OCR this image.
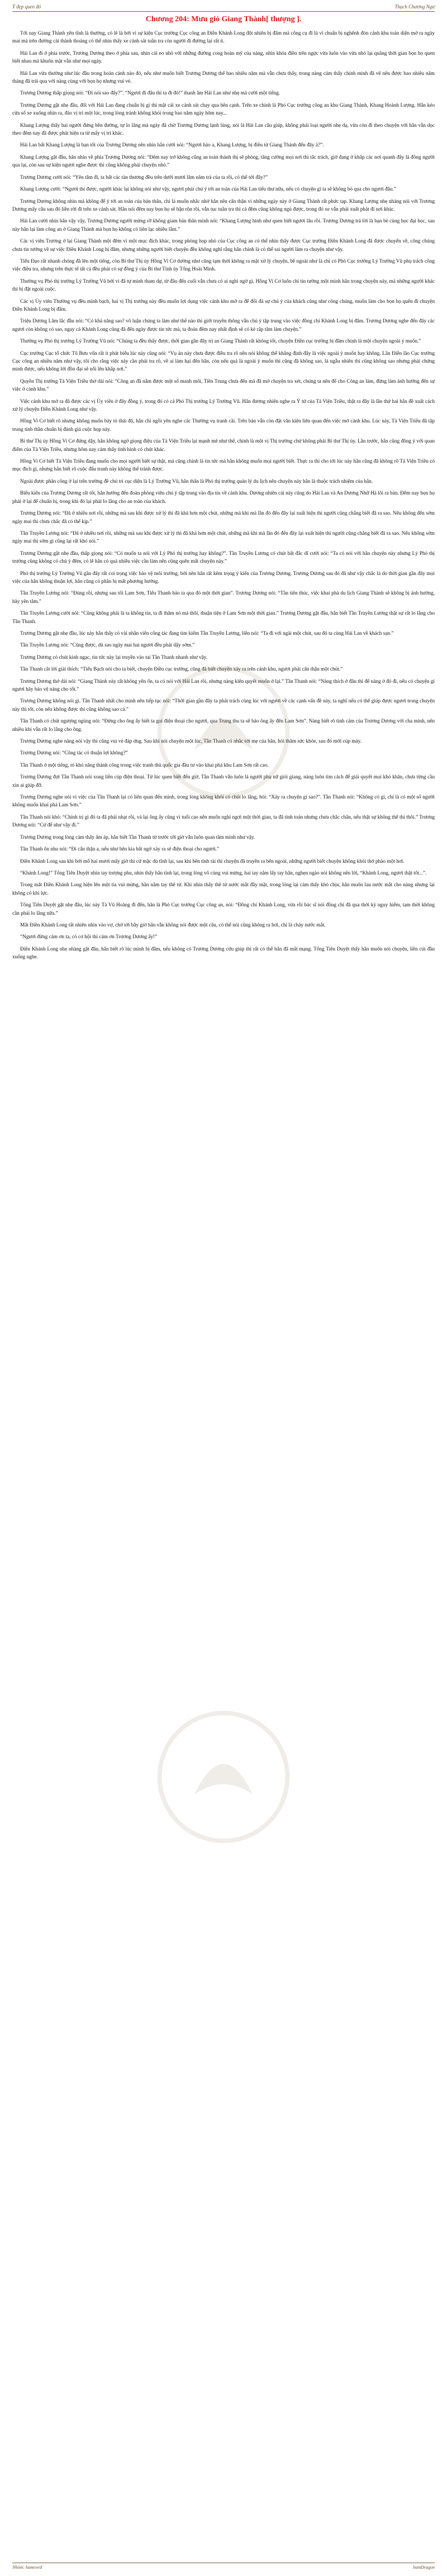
Ý đẹp quen đó	Thạch Chương Ngư
Chương 204: Mưu gió Giang Thành[ thượng ].

Tới nay Giang Thành yên tĩnh là thường, có lẽ là bởi vì sự kiện Cục trưởng Cục công an Điền Khánh Long đột nhiên bị đâm mà công cụ đi là vì chuẩn bị nghênh đón cảnh khu toàn diện mở ra ngày mai mà trên đường cái thành thoảng có thể nhìn thấy xe cảnh sát tuần tra còn người đi đường lại rất ít.

Hải Lan đi ở phía trước, Trương Dương theo ở phía sau, nhìn cái eo nhỏ với những đường cong hoàn mỹ của nàng, nhìn khóa điền trên ngực vừa luôn vào vừa nhỏ lại quãng thời gian bọn họ quen biết nhau mà khuôn mặt vẫn như mọi ngày.

Hải Lan vừa thường như lúc đầu trong hoàn cảnh nào đó, nếu như muốn biết Trương Dương thế bao nhiêu năm mà vẫn chưa thấy, trong nàng cảm thấy chính mình đã vẽ nên được bao nhiêu năm tháng đã trải qua với nàng cùng với bọn họ nhưng vui vẻ.

Trương Dương thấp giọng nói: “Đi nói sao đây?”. “Ngươi đi đâu thì ta đi đó!” thanh âm Hải Lan như nhẹ mà cười một tiếng.

Trương Dương gật nhẹ đầu, đối với Hải Lan đang chuẩn bị gì thì mặt cái xe cảnh sát chạy qua bên cạnh. Trên xe chính là Phó Cục trưởng công an khu Giang Thành, Khang Hoành Lượng. Hắn kéo cửa sổ xe xuống nhìn ra, đảo vị trí một lúc, trong lòng tránh không khỏi trong bao năm ngày hôm nay...

Khang Lượng thấy hai người đứng bên đường, tự lo lắng mà ngày đã chờ Trương Dương lạnh lùng, nói là Hải Lan cầu giúp, không phải loại người nhẹ dạ, vừa còn đi theo chuyện với hắn vẫn dọc theo đêm nay đã được phát hiện ra từ mấy vị trí khác.

Hải Lan bất Khang Lượng là bạn tốt của Trương Dương nên nhìn hắn cười nói: “Ngươi hảo a, Khang Lượng, bị điều từ Giang Thành đến đây à?”.

Khang Lượng gật đầu, hắn nhìn về phía Trương Dương nói: “Đêm nay trở không cũng an toàn thành thị sẽ phòng, tăng cường mọi nơi thì tắc trách, giờ đang ở khắp các nơi quanh đây là đông người qua lại, còn sau sự kiện ngươi nghe được thì cũng không phải chuyện nhỏ.”

Trương Dương cười nói: “Yên tâm đi, ta bất các tàn thương đều trên dưới mươi lăm năm trà của ta rồi, có thể tới đây?”

Khang Lượng cười: “Ngươi thì được, người khác lại không nói như vậy, ngươi phải chú ý tới an toàn của Hải Lan tiểu thư nữa, nếu có chuyện gì ta sẽ không bỏ qua cho ngươi đâu.”

Trương Dương không nhìn mà không để ý tới an toàn của bản thân, chỉ là muốn nhắc nhở hắn nên cẩn thận vì những ngày này ở Giang Thành rất phức tạp. Khang Lượng nhẹ nhàng nói với Trương Dương mấy câu sau đó liền rời đi trên xe cảnh sát. Hắn nói đêm nay bọn họ sẽ bận rộn rồi, vẫn tục tuần tra thì cả đêm cũng không ngủ được, trong đó xe vẫn phải xuất phát đi nơi khác.

Hải Lan cười nhìn hắn vậy vậy, Trương Dương người mừng rỡ không giam bản thân mình nói: “Khang Lượng hình như quen biết ngươi lâu rồi. Trương Dương trả lời là bạn bè cùng học đại học, sau này hắn lại làm công an ở Giang Thành mà bọn họ không có liên lạc nhiều lắm.”

Các vị viên Trương ở lại Giang Thành một đêm vì một mục đích khác, trong phòng họp nhỏ của Cục công an có thể nhìn thấy được Cục trưởng Điền Khánh Long đã được chuyển về, công chúng chưa tin tưởng về sự việc Điền Khánh Long bị đâm, nhưng những người biết chuyện đều không nghĩ rằng hắn chính là có thể sai người làm ra chuyện như vậy.

Tiểu Đạo rất nhanh chóng đã lên một tiếng, còn Bí thư Thị ủy Hồng Vi Cơ dường như cũng tạm thời không ra mặt xử lý chuyện, bề ngoài như là chỉ có Phó Cục trưởng Lý Trường Vũ phụ trách công việc điều tra, nhưng trên thực tế tất cả đều phải có sự đồng ý của Bí thư Tỉnh ủy Tống Hoài Minh.

Thường vụ Phó thị trưởng Lý Trường Vũ bởi vì đã tự mình tham dự, từ đầu đến cuối vẫn chưa có ai nghi ngờ gì, Hồng Vi Cơ luôn chỉ tin tưởng một mình hắn trong chuyện này, mà những người khác thì bị đặt ngoài cuộc.

Các vị Ủy viên Thường vụ đều mình bạch, hai vị Thị trưởng này đều muốn lợi dụng việc cảnh khu mở ra để đối đá sự chú ý của khách cũng như công chúng, muốn làm cho bọn họ quên đi chuyện Điền Khánh Long bị đâm.

Triệu Dương Lâm lắc đầu nói: “Có khả năng sao? vô luận chúng ta làm như thế nào thì giới truyền thông vẫn chú ý tập trung vào việc đồng chí Khánh Long bị đâm. Trương Dương nghe đến đây các ngươi còn không có sao, ngay cả Khánh Long cũng đã đến ngày được tin tức mà, ta đoán đêm nay nhất định sẽ có kẻ rắp tâm làm chuyện.”

Thường vụ Phó thị trưởng Lý Trường Vũ nói: “Chúng ta đều thấy được, thời gian gần đây trị an Giang Thành rất không tốt, chuyện Điền cục trưởng bị đâm chính là một chuyện ngoài ý muốn.”

Cục trưởng Cục tổ chức Tô Bưu vốn rất ít phát biểu lúc này cũng nói: “Vụ án này chưa được điều tra rõ nên nói không thể khẳng định đây là việc ngoài ý muốn hay không. Lần Điền lão Cục trưởng Cục công an nhiều năm như vậy, tôi cho rằng việc này cần phải tra rõ, về ai làm hại đến hắn, còn nếu quả là ngoài ý muốn thì cũng đã không sao, là ngẫu nhiên thì cũng không sao nhưng phải chứng minh được, nếu không lời đồn đại sẽ nổi lên khắp nơi.”

Quyền Thị trưởng Tả Viện Triều thở dài nói: “Công an đã nắm được một số manh mối, Tiền Trung chưa đến mà đã mở chuyện tra xét, chúng ta nên để cho Công an làm, đừng làm ảnh hưởng đến sự việc ở cảnh khu.”

Việc cảnh khu mở ra đã được các vị Ủy viên ở đây đồng ý, trong đó có cả Phó Thị trưởng Lý Trường Vũ. Hắn đương nhiên nghe ra Ý tứ của Tả Viện Triều, thật ra đây là lần thứ hai hắn đề xuất cách xử lý chuyện Điền Khánh Long như vậy.

Hồng Vi Cơ biết rõ nhưng không muốn bày tỏ thái độ, hắn chỉ ngồi yên nghe các Thường vụ tranh cãi. Trên bàn vẫn còn đặt văn kiện liên quan đến việc mở cảnh khu. Lúc này, Tả Viện Triều đã tập trung tinh thần chuẩn bị đánh giá cuộc họp này.

Bí thư Thị ủy Hồng Vi Cơ đứng dậy, hắn không ngờ giọng điệu của Tả Viện Triều lại mạnh mẽ như thế, chính là một vị Thị trưởng chứ không phải Bí thư Thị ủy. Lần trước, hắn cũng đồng ý với quan điểm của Tả Viện Triều, nhưng hôm nay cảm thấy tình hình có chút khác.

Hồng Vi Cơ biết Tả Viện Triều đang muốn cho mọi người biết sự thật, mà cũng chính là tin tức mà hắn không muốn mọi người biết. Thực ra thì cho tới lúc này hắn cũng đã không rõ Tả Viện Triều có mục đích gì, nhưng hắn biết rõ cuộc đấu tranh này không thể tránh được.

Ngoài được phân công ở lại trên trường đề chủ trì cục diện là Lý Trường Vũ, hẳn thân là Phó thị trưởng quản lý du lịch nên chuyện này hẳn là thuộc trách nhiệm của hắn.

Biểu kiến của Trương Dương rất tốt, hắn hướng đến đoàn phóng viên chú ý tập trung vào địa tin về cảnh khu. Dương nhiên cái này cũng do Hải Lan và An Dương Nhữ Hà lôi ra bàn. Đêm nay bọn họ phải ở lại để chuẩn bị, trong khi đó lại phải lo lắng cho an toàn của khách.

Trương Dương nói: “Đã ở nhiều nơi rồi, những mà sau khi được xử lý thì đã khá hơn một chút, những mà khi mà lần đó đến đây lại xuất hiện thì người cũng chẳng biết đã ra sao. Nếu không đến sớm ngày mai thì chưa chắc đã có thể kịp.”

Tần Truyền Lương nói: “Đã ở nhiều nơi rồi, những mà sau khi được xử lý thì đã khá hơn một chút, những mà khi mà lần đó đến đây lại xuất hiện thì người cũng chẳng biết đã ra sao. Nếu không sớm ngày mai thì sớm gì cũng lại rất khó nói.”

Trương Dương gật nhẹ đầu, thấp giọng nói: “Có muốn ta nói với Lý Phó thị trưởng hay không?”. Tần Truyền Lương có chút bất đắc dĩ cười nói: “Ta có nói với hắn chuyện này nhưng Lý Phó thị trưởng cũng không có chủ ý đêm, có lẽ hắn có quá nhiều việc cần làm nên cũng quên mất chuyện này.”

Phó thị trưởng Lý Trường Vũ gần đây rất coi trọng việc bảo vệ môi trường, bởi nên hắn rất kêm trọng ý kiến của Trương Dương. Trương Dương sau đó đã như vậy chắc là do thời gian gần đây mọi việc của hắn không thuận lợi, hắn cũng có phần bị mất phương hướng.

Tần Truyền Lương nói: “Đúng rồi, nhưng sau tối Lam Sơn, Tiểu Thanh bảo ta qua đó một thời gian”. Trương Dương nói: “Tần tiên thúc, việc khai phá du lịch Giang Thành sẽ không bị ảnh hưởng, hãy yên tâm.”

Tần Truyền Lương cười nói: “Cũng không phải là ta không tin, ta đi thăm nó mà thôi, thuận tiện ở Lam Sơn một thời gian.” Trương Dương gật đầu, hắn biết Tần Truyền Lương thật sự rất lo lắng cho Tần Thanh.

Trương Dương gật nhẹ đầu, lúc này hắn thấy có vài nhân viên công tác đang tìm kiếm Tần Truyền Lương, liền nói: “Ta đi với ngài một chút, sau đó ta cùng Hải Lan về khách sạn.”

Tần Truyền Lương nói: “Cũng được, dù sao ngày mai hai ngươi đều phải dậy sớm.”

Trương Dương có chút kinh ngạc, tin tức này lại truyền vào tai Tần Thanh nhanh như vậy.

Tần Thanh cắt lời giải thích: “Tiểu Bạch nói cho ta biết, chuyện Điền cục trưởng, cũng đã biết chuyện xảy ra trên cảnh khu, ngươi phải cẩn thận một chút.”

Trương Dương thở dài nói: “Giang Thành này rất không yên ổn, ta có nói với Hải Lan rồi, nhưng nàng kiên quyết muốn ở lại.” Tần Thanh nói: “Nàng thích ở đâu thì để nàng ở đó đi, nếu có chuyện gì ngươi hãy bảo vệ nàng cho tốt.”

Trương Dương không nói gì. Tần Thanh nhất cho mình nên tiếp tục nói: “Thời gian gần đây ta phải trách cùng lúc với ngươi về các cạnh vấn đề này, ta nghĩ nếu có thể giúp được ngươi trong chuyện này thì tốt, còn nếu không được thì cũng không sao cả.”

Tần Thanh có chút ngượng ngùng nói: “Đừng cho ông ấy biết ta gọi điện thoại cho ngươi, qua Trung thu ta sẽ bảo ông ấy đến Lam Sơn”. Nàng biết rõ tình cảm của Trương Dương với cha mình, nên nhiều khi vẫn rất lo lắng cho ông.

Trương Dương nghe nàng nói vậy thì cũng vui vẻ đáp ứng. Sau khi nói chuyện một lúc, Tần Thanh có nhắc tới mẹ của hắn, hỏi thăm sức khỏe, sau đó mới cúp máy.

Trương Dương nói: “Công tác có thuận lợi không?”

Tần Thanh ở một tiếng, tỏ khó năng thành công trong việc tranh thủ quốc gia đầu tư vào khai phá khu Lam Sơn rất cao.

Trương Dương đợi Tần Thanh nói xong liền cúp điện thoại. Từ lúc quen biết đến giờ, Tần Thanh vẫn luôn là người phụ nữ giỏi giang, nàng luôn tìm cách để giải quyết mọi khó khăn, chưa từng cầu xin ai giúp đỡ.

Trương Dương nghe nói vì việc của Tần Thanh lại có liên quan đến mình, trong lòng không khỏi có chút lo lắng, hỏi: “Xảy ra chuyện gì sao?”. Tần Thanh nói: “Không có gì, chỉ là có một số người không muốn khai phá Lam Sơn.”

Tần Thanh nói khó: “Chính trị gì đó ta đã phải nhạt rồi, vả lại ông ấy cũng vì tuổi cao nên muốn nghỉ ngơi một thời gian, ta đã tính toán nhưng chưa chắc chắn, nếu thật sự không thể thì thôi.” Trương Dương nói: “Cứ để như vậy đi.”

Trương Dương trong lòng cảm thấy ấm áp, hắn biết Tần Thanh từ trước tới giờ vẫn luôn quan tâm mình như vậy.

Tần Thanh ôn nhu nói: “Đi cẩn thận a, nếu như bên kia bất ngờ xảy ra sẽ điện thoại cho ngươi.”

Điền Khánh Long sau khi bởi mổ hai mươi mấy giờ thì cứ mặc dù tĩnh lại, sau khi bên tình tài thì chuyện đã truyền ra bên ngoài, những người biết chuyện không khỏi thở phào một hơi.

“Khánh Long!” Tống Tiên Duyệt nhìn tay trượng phu, nhìn thấy hắn tỉnh lại, trong lòng vô cùng vui mừng, hai tay nắm lấy tay hắn, nghẹn ngào nói không nên lời, “Khánh Long, ngươi thật tốt...”.

Trong mắt Điền Khánh Long hiện lên một tia vui mừng, hắn nắm tay thê tử. Khi nhìn thấy thê tử nước mắt đầy mặt, trong lòng lại cảm thấy khó chịu, hắn muốn lau nước mắt cho nàng nhưng lại không có khí lực.

Tống Tiên Duyệt gật nhẹ đầu, lúc này Tả Vũ Hoàng đi đến, hắn là Phó Cục trưởng Cục công an, nói: “Đồng chí Khánh Long, vừa rồi bác sĩ nói đồng chí đã qua thời kỳ nguy hiểm, tạm thời không cần phải lo lắng nữa.”

Mắt Điền Khánh Long tất nhiên nhìn vào vợ, chờ tới bây giờ hắn vẫn không nói được một câu, có thể nói cũng không ra hơi, chỉ là chảy nước mắt.

“Ngươi đừng cảm ơn ta, có cơ hội thì cảm ơn Trương Dương ấy!”

Điền Khánh Long nhẹ nhàng gật đầu, hắn biết rõ lúc mình bị đâm, nếu không có Trương Dương cứu giúp thì rất có thể hắn đã mất mạng. Tống Tiên Duyệt thấy hắn muốn nói chuyện, liền cúi đầu xuống nghe.

Nhóm: hamewrd	bamDragon
